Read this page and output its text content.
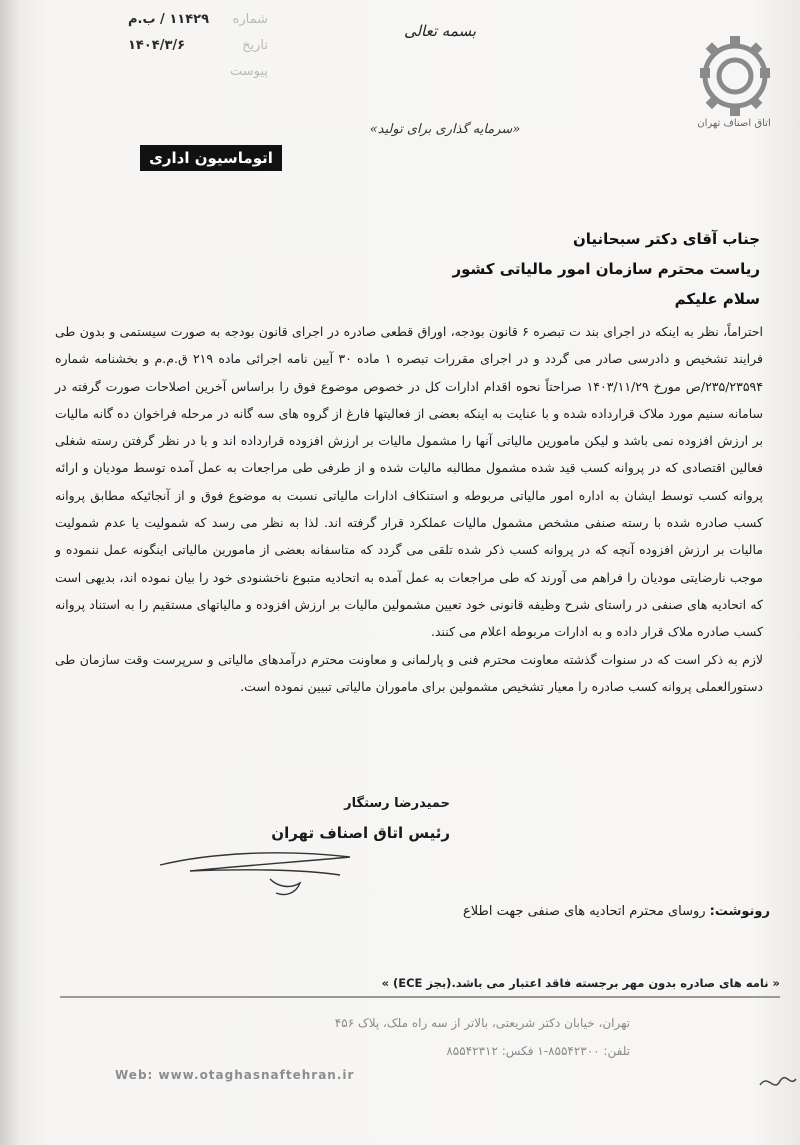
شماره
۱۱۴۲۹ / ب.م
تاریخ
۱۴۰۴/۳/۶
پیوست
بسمه تعالی
اتاق اصناف تهران
«سرمایه گذاری برای تولید»
اتوماسیون اداری
جناب آقای دکتر سبحانیان
ریاست محترم سازمان امور مالیاتی کشور
سلام علیکم

احتراماً، نظر به اینکه در اجرای بند ت تبصره ۶ قانون بودجه، اوراق قطعی صادره در اجرای قانون بودجه به صورت سیستمی و بدون طی فرایند تشخیص و دادرسی صادر می گردد و در اجرای مقررات تبصره ۱ ماده ۳۰ آیین نامه اجرائی ماده ۲۱۹ ق.م.م و بخشنامه شماره ۲۳۵/۲۳۵۹۴/ص مورخ ۱۴۰۳/۱۱/۲۹ صراحتاً نحوه اقدام ادارات کل در خصوص موضوع فوق را براساس آخرین اصلاحات صورت گرفته در سامانه سنیم مورد ملاک قرارداده شده و با عنایت به اینکه بعضی از فعالیتها فارغ از گروه های سه گانه در مرحله فراخوان ده گانه مالیات بر ارزش افزوده نمی باشد و لیکن مامورین مالیاتی آنها را مشمول مالیات بر ارزش افزوده قرارداده اند و با در نظر گرفتن رسته شغلی فعالین اقتصادی که در پروانه کسب قید شده مشمول مطالبه مالیات شده و از طرفی طی مراجعات به عمل آمده توسط مودیان و ارائه پروانه کسب توسط ایشان به اداره امور مالیاتی مربوطه و استنکاف ادارات مالیاتی نسبت به موضوع فوق و از آنجائیکه مطابق پروانه کسب صادره شده با رسته صنفی مشخص مشمول مالیات عملکرد قرار گرفته اند. لذا به نظر می رسد که شمولیت یا عدم شمولیت مالیات بر ارزش افزوده آنچه که در پروانه کسب ذکر شده تلقی می گردد که متاسفانه بعضی از مامورین مالیاتی اینگونه عمل ننموده و موجب نارضایتی مودیان را فراهم می آورند که طی مراجعات به عمل آمده به اتحادیه متبوع ناخشنودی خود را بیان نموده اند، بدیهی است که اتحادیه های صنفی در راستای شرح وظیفه قانونی خود تعیین مشمولین مالیات بر ارزش افزوده و مالیاتهای مستقیم را به استناد پروانه کسب صادره ملاک قرار داده و به ادارات مربوطه اعلام می کنند.

لازم به ذکر است که در سنوات گذشته معاونت محترم فنی و پارلمانی و معاونت محترم درآمدهای مالیاتی و سرپرست وقت سازمان طی دستورالعملی پروانه کسب صادره را معیار تشخیص مشمولین برای ماموران مالیاتی تبیین نموده است.

حمیدرضا رستگار
رئیس اتاق اصناف تهران
رونوشت: روسای محترم اتحادیه های صنفی جهت اطلاع
« نامه های صادره بدون مهر برجسته فاقد اعتبار می باشد.(بجز ECE) »
تهران، خیابان دکتر شریعتی، بالاتر از سه راه ملک، پلاک ۴۵۶
تلفن: ۸۵۵۴۲۳۰۰-۱ فکس: ۸۵۵۴۲۳۱۲
Web: www.otaghasnaftehran.ir
